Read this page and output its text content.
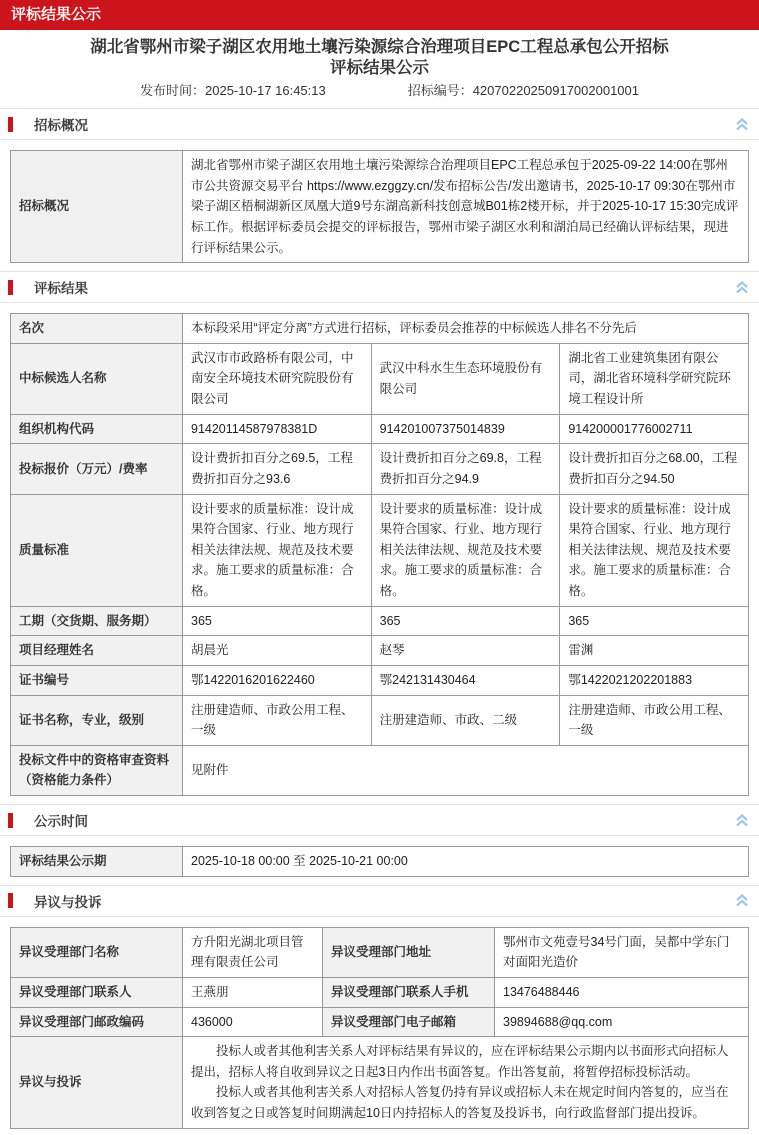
评标结果公示
湖北省鄂州市梁子湖区农用地土壤污染源综合治理项目EPC工程总承包公开招标
评标结果公示
发布时间：2025-10-17 16:45:13	招标编号：42070220250917002001001
招标概况
招标概况	湖北省鄂州市梁子湖区农用地土壤污染源综合治理项目EPC工程总承包于2025-09-22 14:00在鄂州市公共资源交易平台 https://www.ezggzy.cn/发布招标公告/发出邀请书，2025-10-17 09:30在鄂州市梁子湖区梧桐湖新区凤凰大道9号东湖高新科技创意城B01栋2楼开标，并于2025-10-17 15:30完成评标工作。根据评标委员会提交的评标报告，鄂州市梁子湖区水利和湖泊局已经确认评标结果，现进行评标结果公示。
评标结果
名次	本标段采用“评定分离”方式进行招标，评标委员会推荐的中标候选人排名不分先后		
中标候选人名称	武汉市市政路桥有限公司，中南安全环境技术研究院股份有限公司	武汉中科水生生态环境股份有限公司	湖北省工业建筑集团有限公司，湖北省环境科学研究院环境工程设计所
组织机构代码	91420114587978381D	914201007375014839	914200001776002711
投标报价（万元）/费率	设计费折扣百分之69.5，工程费折扣百分之93.6	设计费折扣百分之69.8，工程费折扣百分之94.9	设计费折扣百分之68.00，工程费折扣百分之94.50
质量标准	设计要求的质量标准：设计成果符合国家、行业、地方现行相关法律法规、规范及技术要求。施工要求的质量标准：合格。	设计要求的质量标准：设计成果符合国家、行业、地方现行相关法律法规、规范及技术要求。施工要求的质量标准：合格。	设计要求的质量标准：设计成果符合国家、行业、地方现行相关法律法规、规范及技术要求。施工要求的质量标准：合格。
工期（交货期、服务期）	365	365	365
项目经理姓名	胡晨光	赵琴	雷渊
证书编号	鄂1422016201622460	鄂242131430464	鄂1422021202201883
证书名称，专业，级别	注册建造师、市政公用工程、一级	注册建造师、市政、二级	注册建造师、市政公用工程、一级
投标文件中的资格审查资料（资格能力条件）	见附件		
公示时间
评标结果公示期	2025-10-18 00:00 至 2025-10-21 00:00
异议与投诉
异议受理部门名称	方升阳光湖北项目管理有限责任公司	异议受理部门地址	鄂州市文苑壹号34号门面，吴都中学东门对面阳光造价
异议受理部门联系人	王燕朋	异议受理部门联系人手机	13476488446
异议受理部门邮政编码	436000	异议受理部门电子邮箱	39894688@qq.com
异议与投诉	投标人或者其他利害关系人对评标结果有异议的，应在评标结果公示期内以书面形式向招标人提出，招标人将自收到异议之日起3日内作出书面答复。作出答复前，将暂停招标投标活动。
投标人或者其他利害关系人对招标人答复仍持有异议或招标人未在规定时间内答复的，应当在收到答复之日或答复时间期满起10日内持招标人的答复及投诉书，向行政监督部门提出投诉。		
